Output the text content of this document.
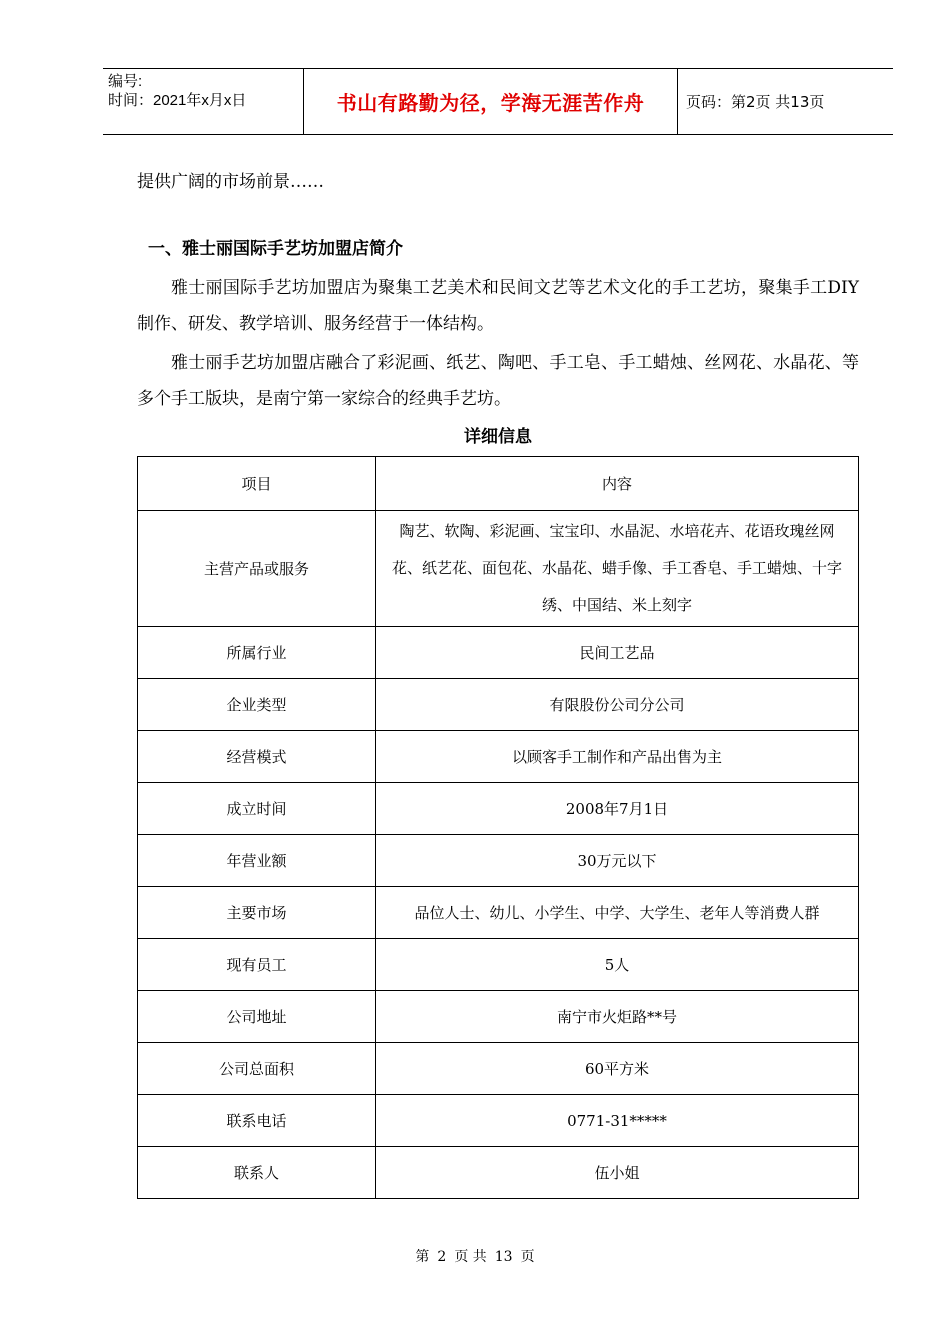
编号:
时间：2021年x月x日	书山有路勤为径，学海无涯苦作舟	页码：第2页 共13页
提供广阔的市场前景……
一、雅士丽国际手艺坊加盟店简介
雅士丽国际手艺坊加盟店为聚集工艺美术和民间文艺等艺术文化的手工艺坊，聚集手工DIY制作、研发、教学培训、服务经营于一体结构。
雅士丽手艺坊加盟店融合了彩泥画、纸艺、陶吧、手工皂、手工蜡烛、丝网花、水晶花、等多个手工版块，是南宁第一家综合的经典手艺坊。
详细信息
项目	内容
主营产品或服务	陶艺、软陶、彩泥画、宝宝印、水晶泥、水培花卉、花语玫瑰丝网花、纸艺花、面包花、水晶花、蜡手像、手工香皂、手工蜡烛、十字绣、中国结、米上刻字
所属行业	民间工艺品
企业类型	有限股份公司分公司
经营模式	以顾客手工制作和产品出售为主
成立时间	2008年7月1日
年营业额	30万元以下
主要市场	品位人士、幼儿、小学生、中学、大学生、老年人等消费人群
现有员工	5人
公司地址	南宁市火炬路**号
公司总面积	60平方米
联系电话	0771-31*****
联系人	伍小姐
第 2 页 共 13 页
